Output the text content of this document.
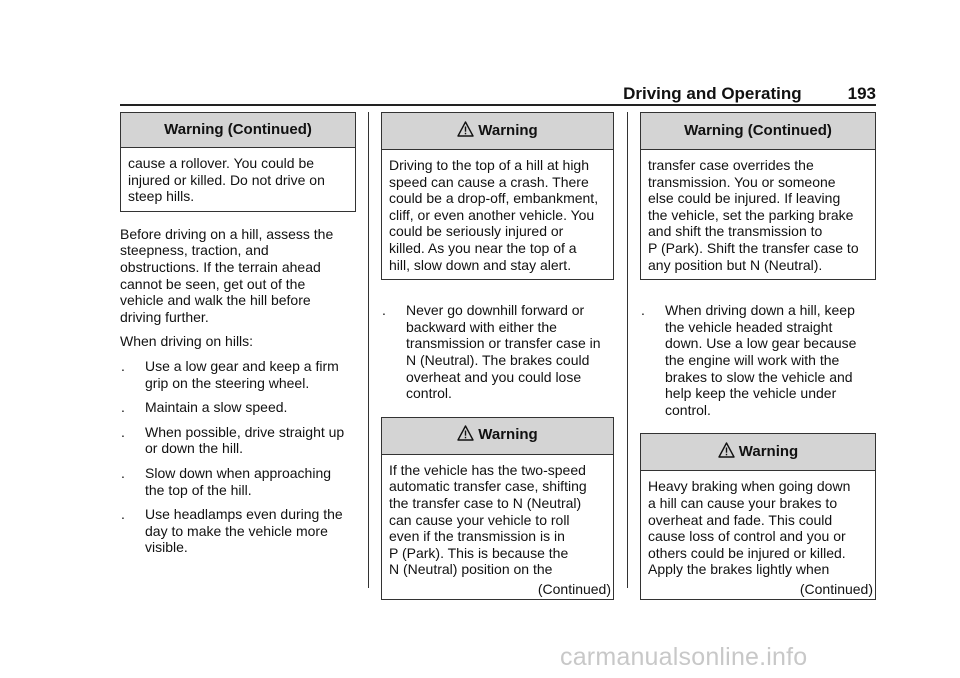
Driving and Operating	193
Warning (Continued)

cause a rollover. You could be

injured or killed. Do not drive on

steep hills.

Before driving on a hill, assess the

steepness, traction, and

obstructions. If the terrain ahead

cannot be seen, get out of the

vehicle and walk the hill before

driving further.

When driving on hills:

.	Use a low gear and keep a firm

grip on the steering wheel.

.	Maintain a slow speed.

.	When possible, drive straight up

or down the hill.

.	Slow down when approaching

the top of the hill.

.	Use headlamps even during the

day to make the vehicle more

visible.

Warning

Driving to the top of a hill at high

speed can cause a crash. There

could be a drop-off, embankment,

cliff, or even another vehicle. You

could be seriously injured or

killed. As you near the top of a

hill, slow down and stay alert.

.	Never go downhill forward or

backward with either the

transmission or transfer case in

N (Neutral). The brakes could

overheat and you could lose

control.

Warning

If the vehicle has the two-speed

automatic transfer case, shifting

the transfer case to N (Neutral)

can cause your vehicle to roll

even if the transmission is in

P (Park). This is because the

N (Neutral) position on the

(Continued)
Warning (Continued)

transfer case overrides the

transmission. You or someone

else could be injured. If leaving

the vehicle, set the parking brake

and shift the transmission to

P (Park). Shift the transfer case to

any position but N (Neutral).

.	When driving down a hill, keep

the vehicle headed straight

down. Use a low gear because

the engine will work with the

brakes to slow the vehicle and

help keep the vehicle under

control.

Warning

Heavy braking when going down

a hill can cause your brakes to

overheat and fade. This could

cause loss of control and you or

others could be injured or killed.

Apply the brakes lightly when

(Continued)
carmanualsonline.info
